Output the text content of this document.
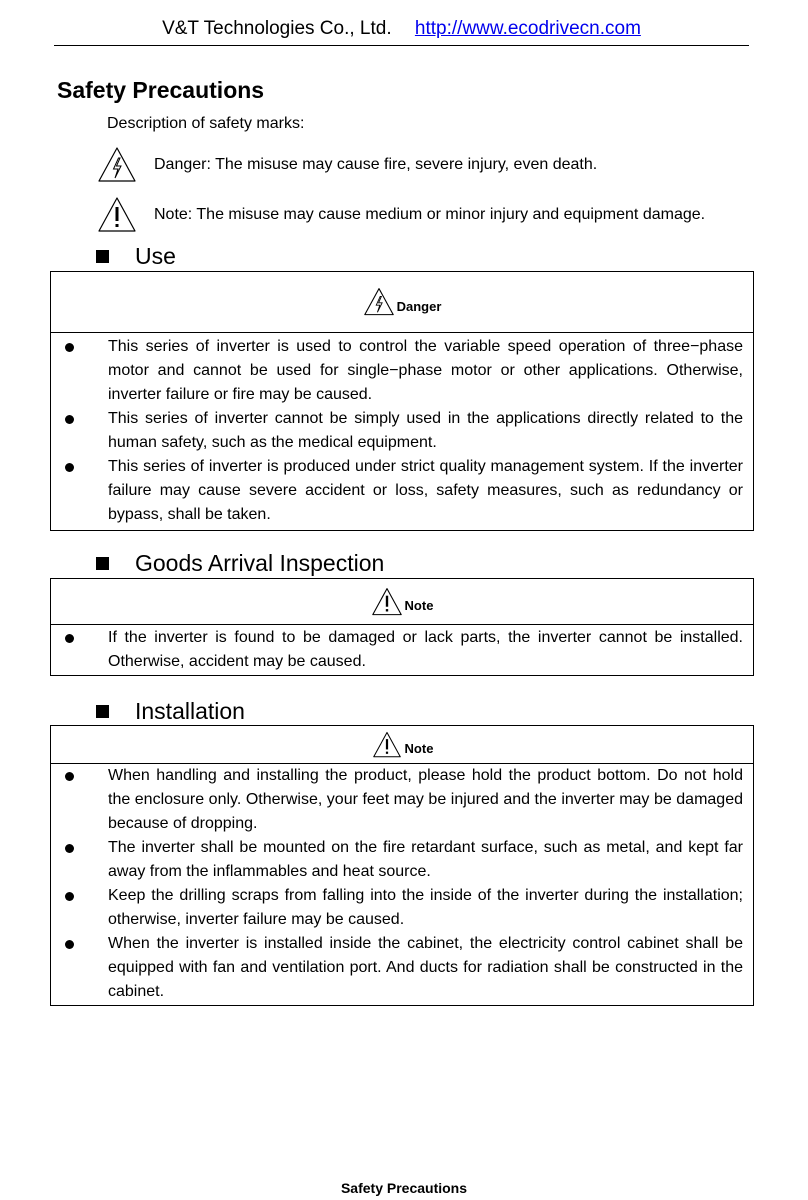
V&T Technologies Co., Ltd. http://www.ecodrivecn.com
Safety Precautions
Description of safety marks:
Danger: The misuse may cause fire, severe injury, even death.
Note: The misuse may cause medium or minor injury and equipment damage.
Use
Danger
This series of inverter is used to control the variable speed operation of three−phase motor and cannot be used for single−phase motor or other applications. Otherwise, inverter failure or fire may be caused.
This series of inverter cannot be simply used in the applications directly related to the human safety, such as the medical equipment.
This series of inverter is produced under strict quality management system. If the inverter failure may cause severe accident or loss, safety measures, such as redundancy or bypass, shall be taken.
Goods Arrival Inspection
Note
If the inverter is found to be damaged or lack parts, the inverter cannot be installed. Otherwise, accident may be caused.
Installation
Note
When handling and installing the product, please hold the product bottom. Do not hold the enclosure only. Otherwise, your feet may be injured and the inverter may be damaged because of dropping.
The inverter shall be mounted on the fire retardant surface, such as metal, and kept far away from the inflammables and heat source.
Keep the drilling scraps from falling into the inside of the inverter during the installation; otherwise, inverter failure may be caused.
When the inverter is installed inside the cabinet, the electricity control cabinet shall be equipped with fan and ventilation port. And ducts for radiation shall be constructed in the cabinet.
Safety Precautions
